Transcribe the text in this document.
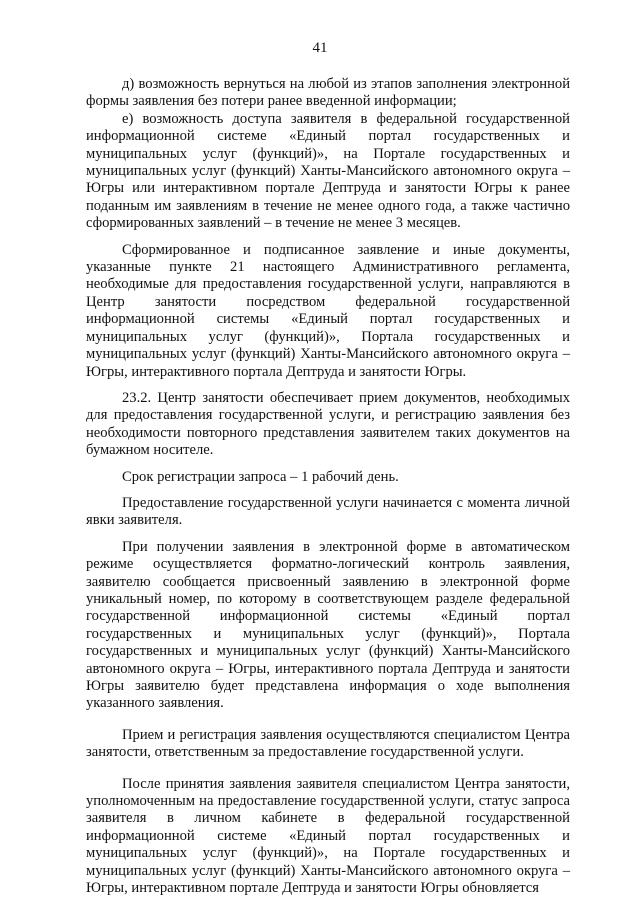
41

д) возможность вернуться на любой из этапов заполнения электронной формы заявления без потери ранее введенной информации;

е) возможность доступа заявителя в федеральной государственной информационной системе «Единый портал государственных и муниципальных услуг (функций)», на Портале государственных и муниципальных услуг (функций) Ханты-Мансийского автономного округа – Югры или интерактивном портале Дептруда и занятости Югры к ранее поданным им заявлениям в течение не менее одного года, а также частично сформированных заявлений – в течение не менее 3 месяцев.

Сформированное и подписанное заявление и иные документы, указанные пункте 21 настоящего Административного регламента, необходимые для предоставления государственной услуги, направляются в Центр занятости посредством федеральной государственной информационной системы «Единый портал государственных и муниципальных услуг (функций)», Портала государственных и муниципальных услуг (функций) Ханты-Мансийского автономного округа – Югры, интерактивного портала Дептруда и занятости Югры.

23.2. Центр занятости обеспечивает прием документов, необходимых для предоставления государственной услуги, и регистрацию заявления без необходимости повторного представления заявителем таких документов на бумажном носителе.

Срок регистрации запроса – 1 рабочий день.

Предоставление государственной услуги начинается с момента личной явки заявителя.

При получении заявления в электронной форме в автоматическом режиме осуществляется форматно-логический контроль заявления, заявителю сообщается присвоенный заявлению в электронной форме уникальный номер, по которому в соответствующем разделе федеральной государственной информационной системы «Единый портал государственных и муниципальных услуг (функций)», Портала государственных и муниципальных услуг (функций) Ханты-Мансийского автономного округа – Югры, интерактивного портала Дептруда и занятости Югры заявителю будет представлена информация о ходе выполнения указанного заявления.

Прием и регистрация заявления осуществляются специалистом Центра занятости, ответственным за предоставление государственной услуги.

После принятия заявления заявителя специалистом Центра занятости, уполномоченным на предоставление государственной услуги, статус запроса заявителя в личном кабинете в федеральной государственной информационной системе «Единый портал государственных и муниципальных услуг (функций)», на Портале государственных и муниципальных услуг (функций) Ханты-Мансийского автономного округа – Югры, интерактивном портале Дептруда и занятости Югры обновляется
